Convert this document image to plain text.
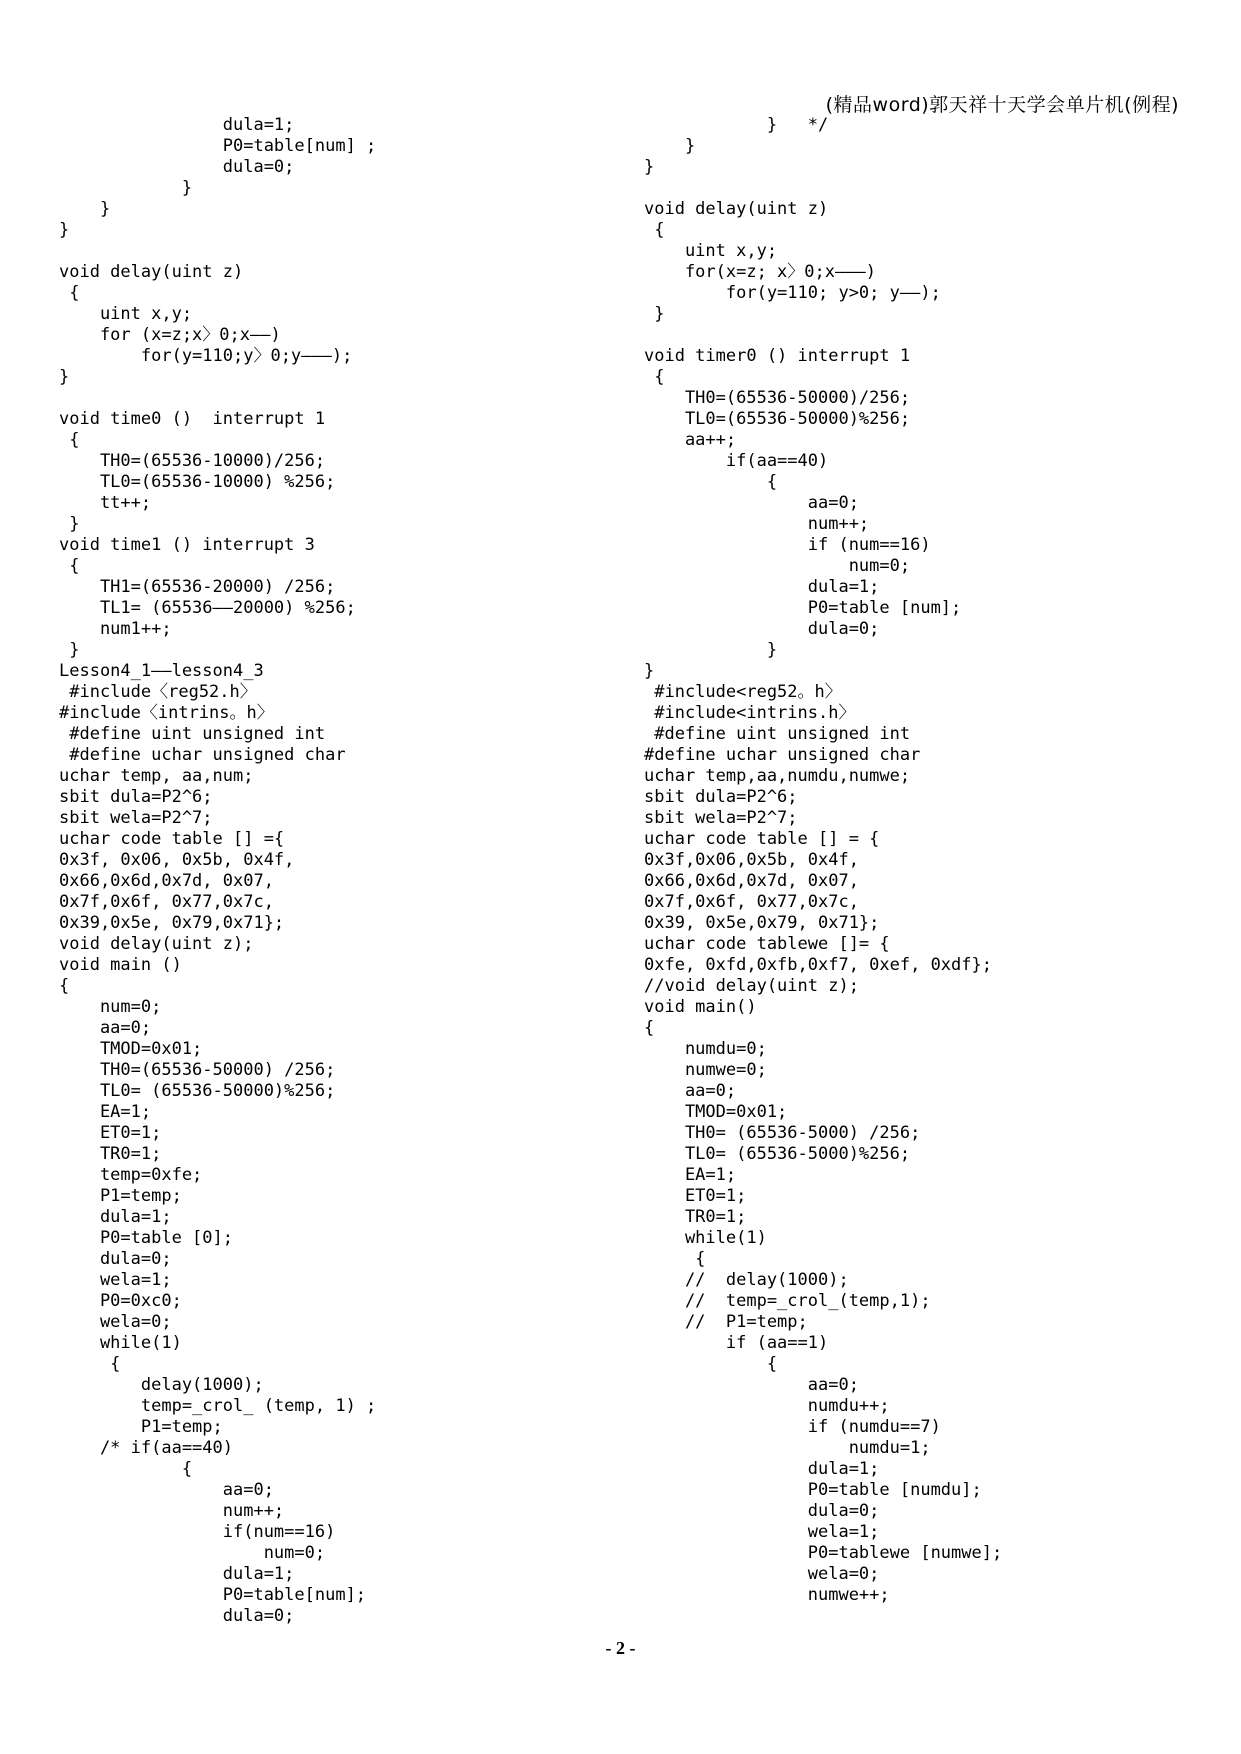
(精品word)郭天祥十天学会单片机(例程)
dula=1;
P0=table[num] ;
dula=0;
}
}
}
void delay(uint z)
{
uint x,y;
for (x=z;x〉0;x——)
for(y=110;y〉0;y———);
}
void time0 ()  interrupt 1
{
TH0=(65536-10000)/256;
TL0=(65536-10000) %256;
tt++;
}
void time1 () interrupt 3
{
TH1=(65536-20000) /256;
TL1= (65536——20000) %256;
num1++;
}
Lesson4_1——lesson4_3
#include〈reg52.h〉
#include〈intrins。h〉
#define uint unsigned int
#define uchar unsigned char
uchar temp, aa,num;
sbit dula=P2^6;
sbit wela=P2^7;
uchar code table [] ={
0x3f, 0x06, 0x5b, 0x4f,
0x66,0x6d,0x7d, 0x07,
0x7f,0x6f, 0x77,0x7c,
0x39,0x5e, 0x79,0x71};
void delay(uint z);
void main ()
{
num=0;
aa=0;
TMOD=0x01;
TH0=(65536-50000) /256;
TL0= (65536-50000)%256;
EA=1;
ET0=1;
TR0=1;
temp=0xfe;
P1=temp;
dula=1;
P0=table [0];
dula=0;
wela=1;
P0=0xc0;
wela=0;
while(1)
{
delay(1000);
temp=_crol_ (temp, 1) ;
P1=temp;
/* if(aa==40)
{
aa=0;
num++;
if(num==16)
num=0;
dula=1;
P0=table[num];
dula=0;
}   */
}
}
void delay(uint z)
{
uint x,y;
for(x=z; x〉0;x———)
for(y=110; y>0; y——);
}
void timer0 () interrupt 1
{
TH0=(65536-50000)/256;
TL0=(65536-50000)%256;
aa++;
if(aa==40)
{
aa=0;
num++;
if (num==16)
num=0;
dula=1;
P0=table [num];
dula=0;
}
}
#include<reg52。h〉
#include<intrins.h〉
#define uint unsigned int
#define uchar unsigned char
uchar temp,aa,numdu,numwe;
sbit dula=P2^6;
sbit wela=P2^7;
uchar code table [] = {
0x3f,0x06,0x5b, 0x4f,
0x66,0x6d,0x7d, 0x07,
0x7f,0x6f, 0x77,0x7c,
0x39, 0x5e,0x79, 0x71};
uchar code tablewe []= {
0xfe, 0xfd,0xfb,0xf7, 0xef, 0xdf};
//void delay(uint z);
void main()
{
numdu=0;
numwe=0;
aa=0;
TMOD=0x01;
TH0= (65536-5000) /256;
TL0= (65536-5000)%256;
EA=1;
ET0=1;
TR0=1;
while(1)
{
//  delay(1000);
//  temp=_crol_(temp,1);
//  P1=temp;
if (aa==1)
{
aa=0;
numdu++;
if (numdu==7)
numdu=1;
dula=1;
P0=table [numdu];
dula=0;
wela=1;
P0=tablewe [numwe];
wela=0;
numwe++;
- 2 -
